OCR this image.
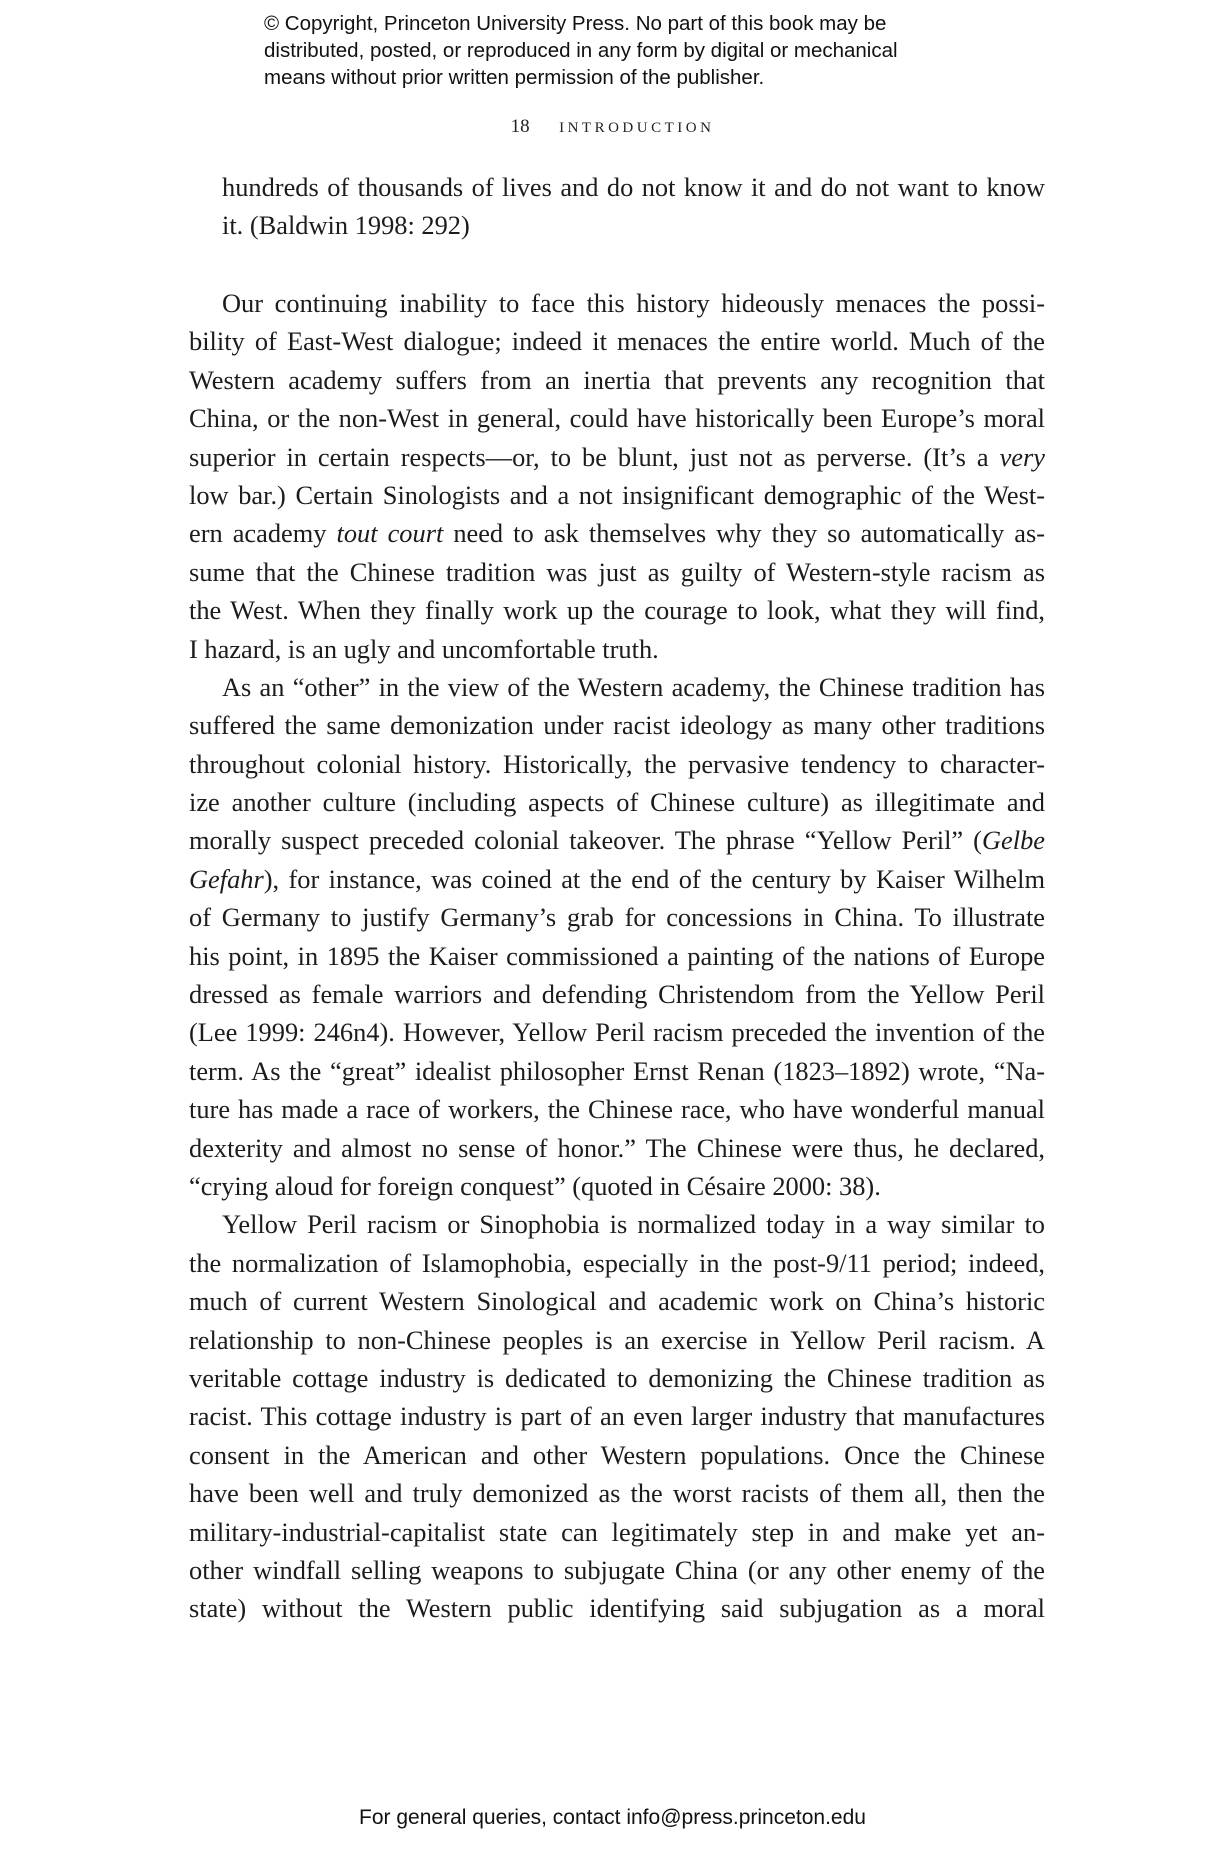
© Copyright, Princeton University Press. No part of this book may be
distributed, posted, or reproduced in any form by digital or mechanical
means without prior written permission of the publisher.
18 introduction
hundreds of thousands of lives and do not know it and do not want to know
it. (Baldwin 1998: 292)
Our continuing inability to face this history hideously menaces the possi-
bility of East-West dialogue; indeed it menaces the entire world. Much of the
Western academy suffers from an inertia that prevents any recognition that
China, or the non-West in general, could have historically been Europe’s moral
superior in certain respects—or, to be blunt, just not as perverse. (It’s a very
low bar.) Certain Sinologists and a not insignificant demographic of the West-
ern academy tout court need to ask themselves why they so automatically as-
sume that the Chinese tradition was just as guilty of Western-style racism as
the West. When they finally work up the courage to look, what they will find,
I hazard, is an ugly and uncomfortable truth.
As an “other” in the view of the Western academy, the Chinese tradition has
suffered the same demonization under racist ideology as many other traditions
throughout colonial history. Historically, the pervasive tendency to character-
ize another culture (including aspects of Chinese culture) as illegitimate and
morally suspect preceded colonial takeover. The phrase “Yellow Peril” (Gelbe
Gefahr), for instance, was coined at the end of the century by Kaiser Wilhelm
of Germany to justify Germany’s grab for concessions in China. To illustrate
his point, in 1895 the Kaiser commissioned a painting of the nations of Europe
dressed as female warriors and defending Christendom from the Yellow Peril
(Lee 1999: 246n4). However, Yellow Peril racism preceded the invention of the
term. As the “great” idealist philosopher Ernst Renan (1823–1892) wrote, “Na-
ture has made a race of workers, the Chinese race, who have wonderful manual
dexterity and almost no sense of honor.” The Chinese were thus, he declared,
“crying aloud for foreign conquest” (quoted in Césaire 2000: 38).
Yellow Peril racism or Sinophobia is normalized today in a way similar to
the normalization of Islamophobia, especially in the post-9/11 period; indeed,
much of current Western Sinological and academic work on China’s historic
relationship to non-Chinese peoples is an exercise in Yellow Peril racism. A
veritable cottage industry is dedicated to demonizing the Chinese tradition as
racist. This cottage industry is part of an even larger industry that manufactures
consent in the American and other Western populations. Once the Chinese
have been well and truly demonized as the worst racists of them all, then the
military-industrial-capitalist state can legitimately step in and make yet an-
other windfall selling weapons to subjugate China (or any other enemy of the
state) without the Western public identifying said subjugation as a moral
For general queries, contact info@press.princeton.edu
